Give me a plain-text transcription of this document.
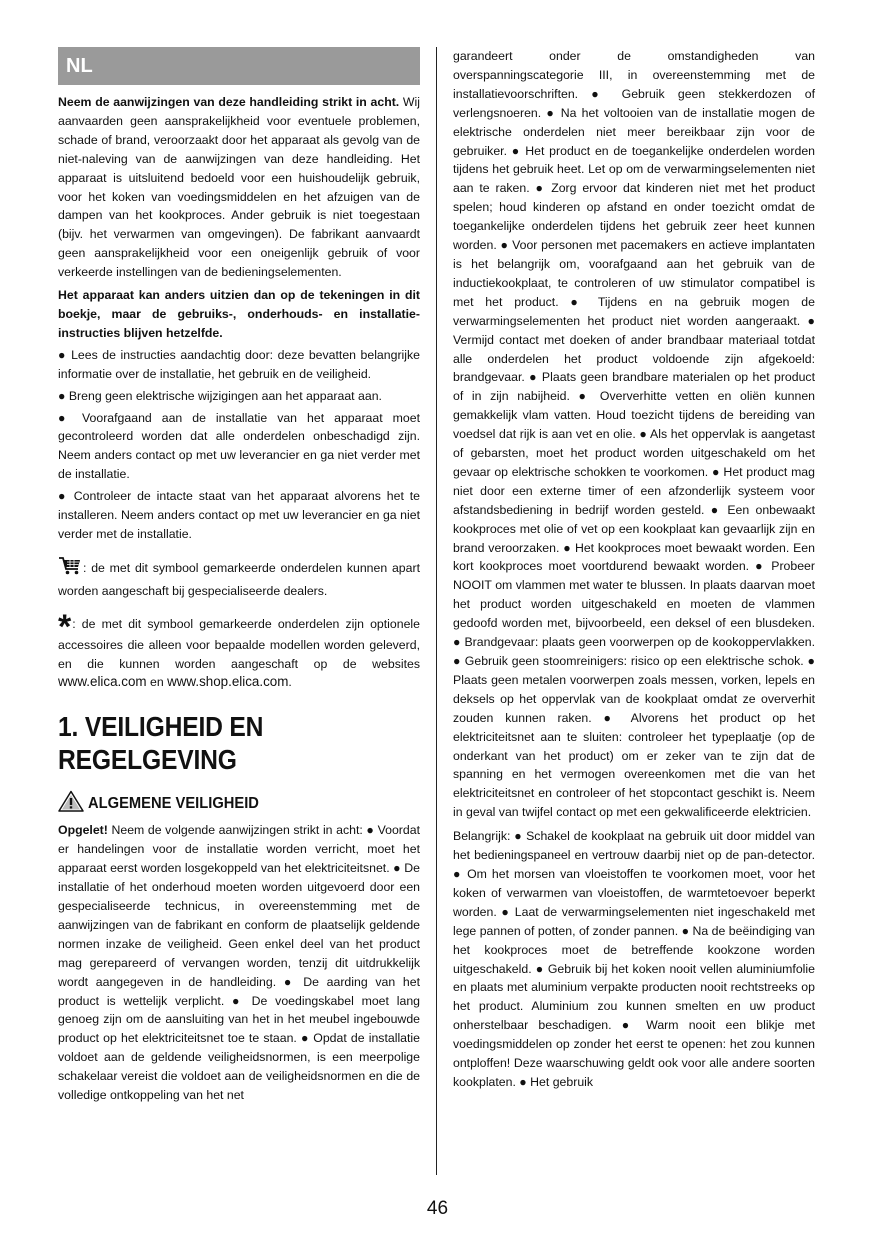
NL

Neem de aanwijzingen van deze handleiding strikt in acht. Wij aanvaarden geen aansprakelijkheid voor eventuele problemen, schade of brand, veroorzaakt door het apparaat als gevolg van de niet-naleving van de aanwijzingen van deze handleiding. Het apparaat is uitsluitend bedoeld voor een huishoudelijk gebruik, voor het koken van voedingsmiddelen en het afzuigen van de dampen van het kookproces. Ander gebruik is niet toegestaan (bijv. het verwarmen van omgevingen). De fabrikant aanvaardt geen aansprakelijkheid voor een oneigenlijk gebruik of voor verkeerde instellingen van de bedieningselementen.

Het apparaat kan anders uitzien dan op de tekeningen in dit boekje, maar de gebruiks-, onderhouds- en installatie-instructies blijven hetzelfde.

● Lees de instructies aandachtig door: deze bevatten belangrijke informatie over de installatie, het gebruik en de veiligheid.

● Breng geen elektrische wijzigingen aan het apparaat aan.

● Voorafgaand aan de installatie van het apparaat moet gecontroleerd worden dat alle onderdelen onbeschadigd zijn. Neem anders contact op met uw leverancier en ga niet verder met de installatie.

● Controleer de intacte staat van het apparaat alvorens het te installeren. Neem anders contact op met uw leverancier en ga niet verder met de installatie.

: de met dit symbool gemarkeerde onderdelen kunnen apart worden aangeschaft bij gespecialiseerde dealers.

*: de met dit symbool gemarkeerde onderdelen zijn optionele accessoires die alleen voor bepaalde modellen worden geleverd, en die kunnen worden aangeschaft op de websites www.elica.com en www.shop.elica.com.

1. VEILIGHEID EN
REGELGEVING
ALGEMENE VEILIGHEID

Opgelet! Neem de volgende aanwijzingen strikt in acht: ● Voordat er handelingen voor de installatie worden verricht, moet het apparaat eerst worden losgekoppeld van het elektriciteitsnet. ● De installatie of het onderhoud moeten worden uitgevoerd door een gespecialiseerde technicus, in overeenstemming met de aanwijzingen van de fabrikant en conform de plaatselijk geldende normen inzake de veiligheid. Geen enkel deel van het product mag gerepareerd of vervangen worden, tenzij dit uitdrukkelijk wordt aangegeven in de handleiding. ● De aarding van het product is wettelijk verplicht. ● De voedingskabel moet lang genoeg zijn om de aansluiting van het in het meubel ingebouwde product op het elektriciteitsnet toe te staan. ● Opdat de installatie voldoet aan de geldende veiligheidsnormen, is een meerpolige schakelaar vereist die voldoet aan de veiligheidsnormen en die de volledige ontkoppeling van het net

garandeert onder de omstandigheden van overspanningscategorie III, in overeenstemming met de installatievoorschriften. ● Gebruik geen stekkerdozen of verlengsnoeren. ● Na het voltooien van de installatie mogen de elektrische onderdelen niet meer bereikbaar zijn voor de gebruiker. ● Het product en de toegankelijke onderdelen worden tijdens het gebruik heet. Let op om de verwarmingselementen niet aan te raken. ● Zorg ervoor dat kinderen niet met het product spelen; houd kinderen op afstand en onder toezicht omdat de toegankelijke onderdelen tijdens het gebruik zeer heet kunnen worden. ● Voor personen met pacemakers en actieve implantaten is het belangrijk om, voorafgaand aan het gebruik van de inductiekookplaat, te controleren of uw stimulator compatibel is met het product. ● Tijdens en na gebruik mogen de verwarmingselementen het product niet worden aangeraakt. ● Vermijd contact met doeken of ander brandbaar materiaal totdat alle onderdelen het product voldoende zijn afgekoeld: brandgevaar. ● Plaats geen brandbare materialen op het product of in zijn nabijheid. ● Oververhitte vetten en oliën kunnen gemakkelijk vlam vatten. Houd toezicht tijdens de bereiding van voedsel dat rijk is aan vet en olie. ● Als het oppervlak is aangetast of gebarsten, moet het product worden uitgeschakeld om het gevaar op elektrische schokken te voorkomen. ● Het product mag niet door een externe timer of een afzonderlijk systeem voor afstandsbediening in bedrijf worden gesteld. ● Een onbewaakt kookproces met olie of vet op een kookplaat kan gevaarlijk zijn en brand veroorzaken. ● Het kookproces moet bewaakt worden. Een kort kookproces moet voortdurend bewaakt worden. ● Probeer NOOIT om vlammen met water te blussen. In plaats daarvan moet het product worden uitgeschakeld en moeten de vlammen gedoofd worden met, bijvoorbeeld, een deksel of een blusdeken. ● Brandgevaar: plaats geen voorwerpen op de kookoppervlakken. ● Gebruik geen stoomreinigers: risico op een elektrische schok. ● Plaats geen metalen voorwerpen zoals messen, vorken, lepels en deksels op het oppervlak van de kookplaat omdat ze oververhit zouden kunnen raken. ● Alvorens het product op het elektriciteitsnet aan te sluiten: controleer het typeplaatje (op de onderkant van het product) om er zeker van te zijn dat de spanning en het vermogen overeenkomen met die van het elektriciteitsnet en controleer of het stopcontact geschikt is. Neem in geval van twijfel contact op met een gekwalificeerde elektricien.

Belangrijk: ● Schakel de kookplaat na gebruik uit door middel van het bedieningspaneel en vertrouw daarbij niet op de pan-detector. ● Om het morsen van vloeistoffen te voorkomen moet, voor het koken of verwarmen van vloeistoffen, de warmtetoevoer beperkt worden. ● Laat de verwarmingselementen niet ingeschakeld met lege pannen of potten, of zonder pannen. ● Na de beëindiging van het kookproces moet de betreffende kookzone worden uitgeschakeld. ● Gebruik bij het koken nooit vellen aluminiumfolie en plaats met aluminium verpakte producten nooit rechtstreeks op het product. Aluminium zou kunnen smelten en uw product onherstelbaar beschadigen. ● Warm nooit een blikje met voedingsmiddelen op zonder het eerst te openen: het zou kunnen ontploffen! Deze waarschuwing geldt ook voor alle andere soorten kookplaten. ● Het gebruik

46
